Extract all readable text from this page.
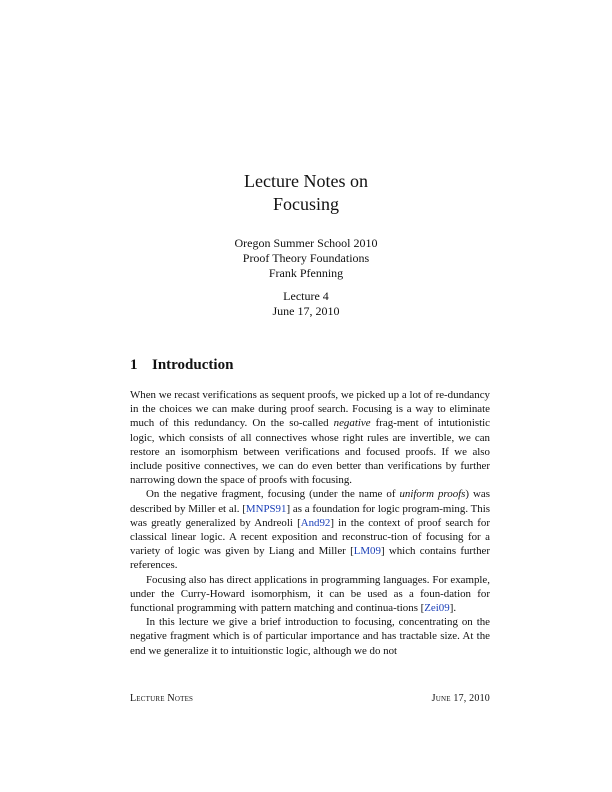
Lecture Notes on
Focusing
Oregon Summer School 2010
Proof Theory Foundations
Frank Pfenning
Lecture 4
June 17, 2010
1 Introduction

When we recast verifications as sequent proofs, we picked up a lot of re-dundancy in the choices we can make during proof search. Focusing is a way to eliminate much of this redundancy. On the so-called negative frag-ment of intutionistic logic, which consists of all connectives whose right rules are invertible, we can restore an isomorphism between verifications and focused proofs. If we also include positive connectives, we can do even better than verifications by further narrowing down the space of proofs with focusing.

On the negative fragment, focusing (under the name of uniform proofs) was described by Miller et al. [MNPS91] as a foundation for logic program-ming. This was greatly generalized by Andreoli [And92] in the context of proof search for classical linear logic. A recent exposition and reconstruc-tion of focusing for a variety of logic was given by Liang and Miller [LM09] which contains further references.

Focusing also has direct applications in programming languages. For example, under the Curry-Howard isomorphism, it can be used as a foun-dation for functional programming with pattern matching and continua-tions [Zei09].

In this lecture we give a brief introduction to focusing, concentrating on the negative fragment which is of particular importance and has tractable size. At the end we generalize it to intuitionstic logic, although we do not

Lecture Notes	June 17, 2010
